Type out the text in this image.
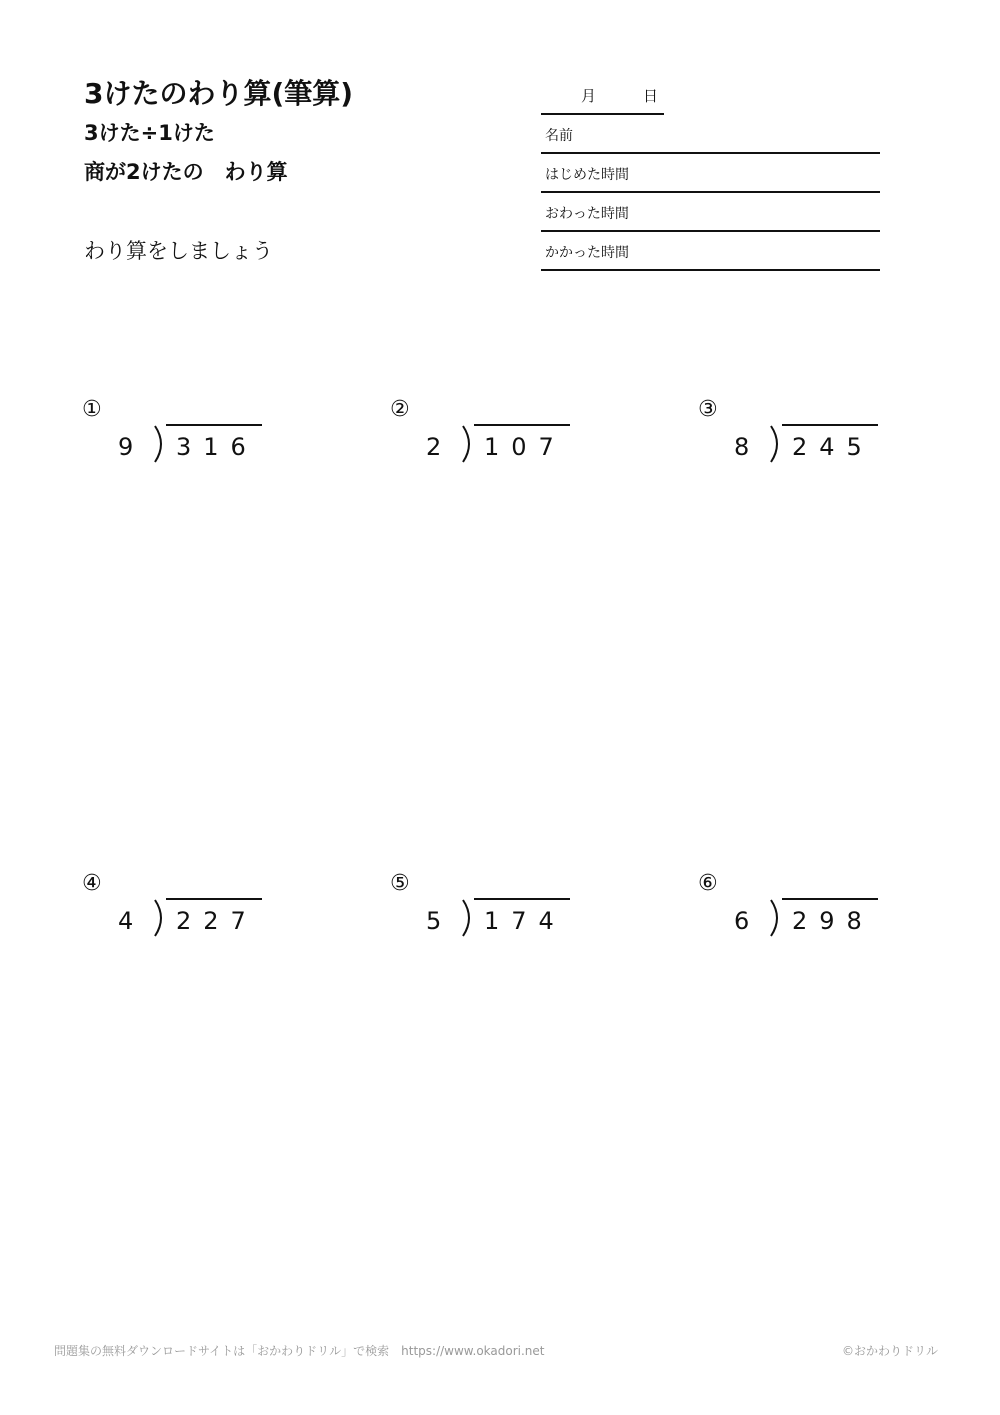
3けたのわり算(筆算)
3けた÷1けた
商が2けたの　わり算
わり算をしましょう
月	日
名前
はじめた時間
おわった時間
かかった時間
①
9 316
②
2 107
③
8 245
④
4 227
⑤
5 174
⑥
6 298
問題集の無料ダウンロードサイトは「おかわりドリル」で検索　https://www.okadori.net	©おかわりドリル
